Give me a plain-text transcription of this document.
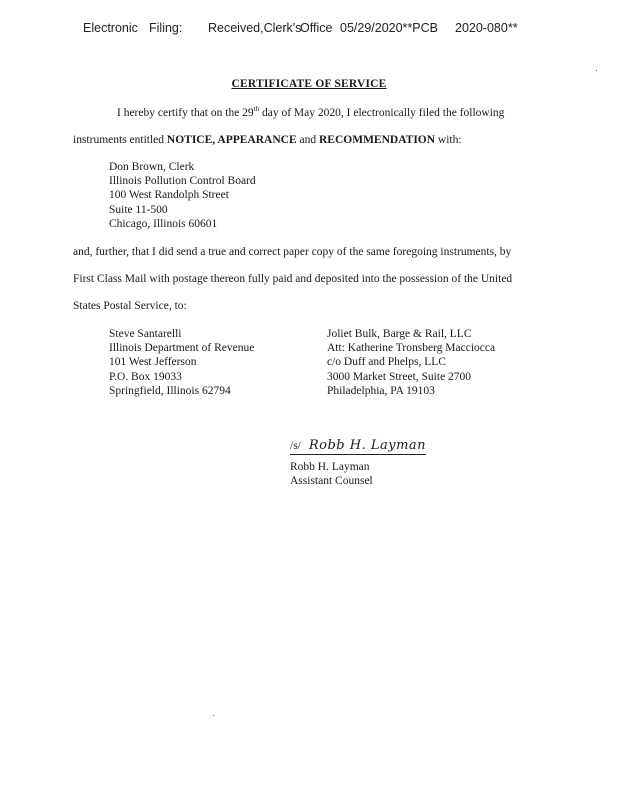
Electronic

Filing:

Received,Clerk's

Office

05/29/2020**PCB

2020-080**

CERTIFICATE OF SERVICE
I hereby certify that on the 29th day of May 2020, I electronically filed the following
instruments entitled NOTICE, APPEARANCE and RECOMMENDATION with:
Don Brown, Clerk
Illinois Pollution Control Board
100 West Randolph Street
Suite 11-500
Chicago, Illinois 60601
and, further, that I did send a true and correct paper copy of the same foregoing instruments, by
First Class Mail with postage thereon fully paid and deposited into the possession of the United
States Postal Service, to:
Steve Santarelli
Illinois Department of Revenue
101 West Jefferson
P.O. Box 19033
Springfield, Illinois 62794
Joliet Bulk, Barge & Rail, LLC
Att: Katherine Tronsberg Macciocca
c/o Duff and Phelps, LLC
3000 Market Street, Suite 2700
Philadelphia, PA 19103
/s/ Robb H. Layman
Robb H. Layman
Assistant Counsel
